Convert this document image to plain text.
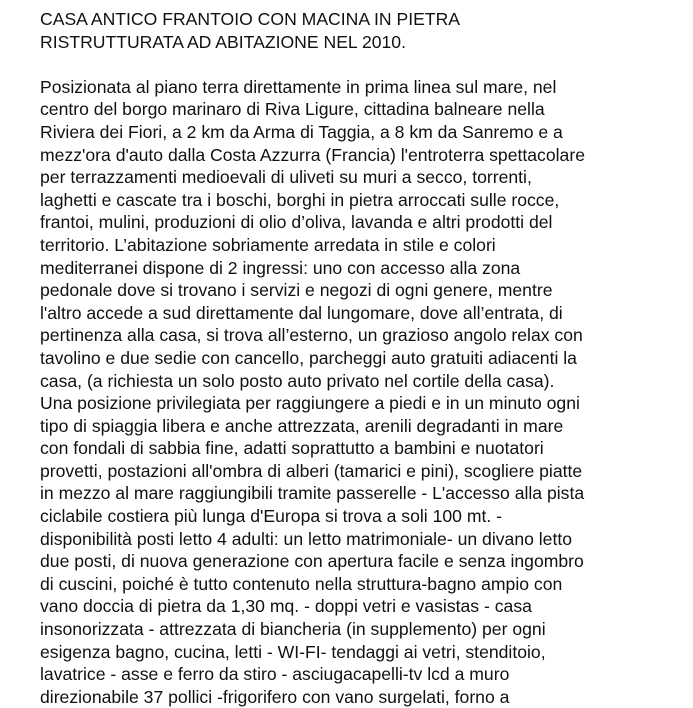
CASA ANTICO FRANTOIO CON MACINA IN PIETRA
RISTRUTTURATA AD ABITAZIONE NEL 2010.
Posizionata al piano terra direttamente in prima linea sul mare, nel
centro del borgo marinaro di Riva Ligure, cittadina balneare nella
Riviera dei Fiori, a 2 km da Arma di Taggia, a 8 km da Sanremo e a
mezz'ora d'auto dalla Costa Azzurra (Francia) l'entroterra spettacolare
per terrazzamenti medioevali di uliveti su muri a secco, torrenti,
laghetti e cascate tra i boschi, borghi in pietra arroccati sulle rocce,
frantoi, mulini, produzioni di olio d’oliva, lavanda e altri prodotti del
territorio. L’abitazione sobriamente arredata in stile e colori
mediterranei dispone di 2 ingressi: uno con accesso alla zona
pedonale dove si trovano i servizi e negozi di ogni genere, mentre
l'altro accede a sud direttamente dal lungomare, dove all’entrata, di
pertinenza alla casa, si trova all’esterno, un grazioso angolo relax con
tavolino e due sedie con cancello, parcheggi auto gratuiti adiacenti la
casa, (a richiesta un solo posto auto privato nel cortile della casa).
Una posizione privilegiata per raggiungere a piedi e in un minuto ogni
tipo di spiaggia libera e anche attrezzata, arenili degradanti in mare
con fondali di sabbia fine, adatti soprattutto a bambini e nuotatori
provetti, postazioni all'ombra di alberi (tamarici e pini), scogliere piatte
in mezzo al mare raggiungibili tramite passerelle - L'accesso alla pista
ciclabile costiera più lunga d'Europa si trova a soli 100 mt. -
disponibilità posti letto 4 adulti: un letto matrimoniale- un divano letto
due posti, di nuova generazione con apertura facile e senza ingombro
di cuscini, poiché è tutto contenuto nella struttura-bagno ampio con
vano doccia di pietra da 1,30 mq. - doppi vetri e vasistas - casa
insonorizzata - attrezzata di biancheria (in supplemento) per ogni
esigenza bagno, cucina, letti - WI-FI- tendaggi ai vetri, stenditoio,
lavatrice - asse e ferro da stiro - asciugacapelli-tv lcd a muro
direzionabile 37 pollici -frigorifero con vano surgelati, forno a
